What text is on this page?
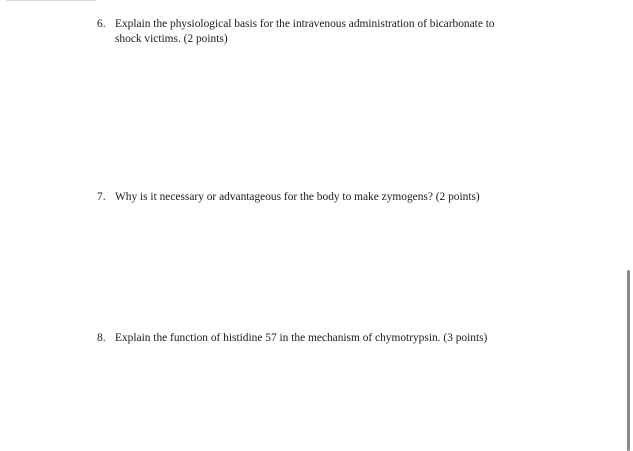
6. Explain the physiological basis for the intravenous administration of bicarbonate to
shock victims. (2 points)
7. Why is it necessary or advantageous for the body to make zymogens? (2 points)
8. Explain the function of histidine 57 in the mechanism of chymotrypsin. (3 points)
